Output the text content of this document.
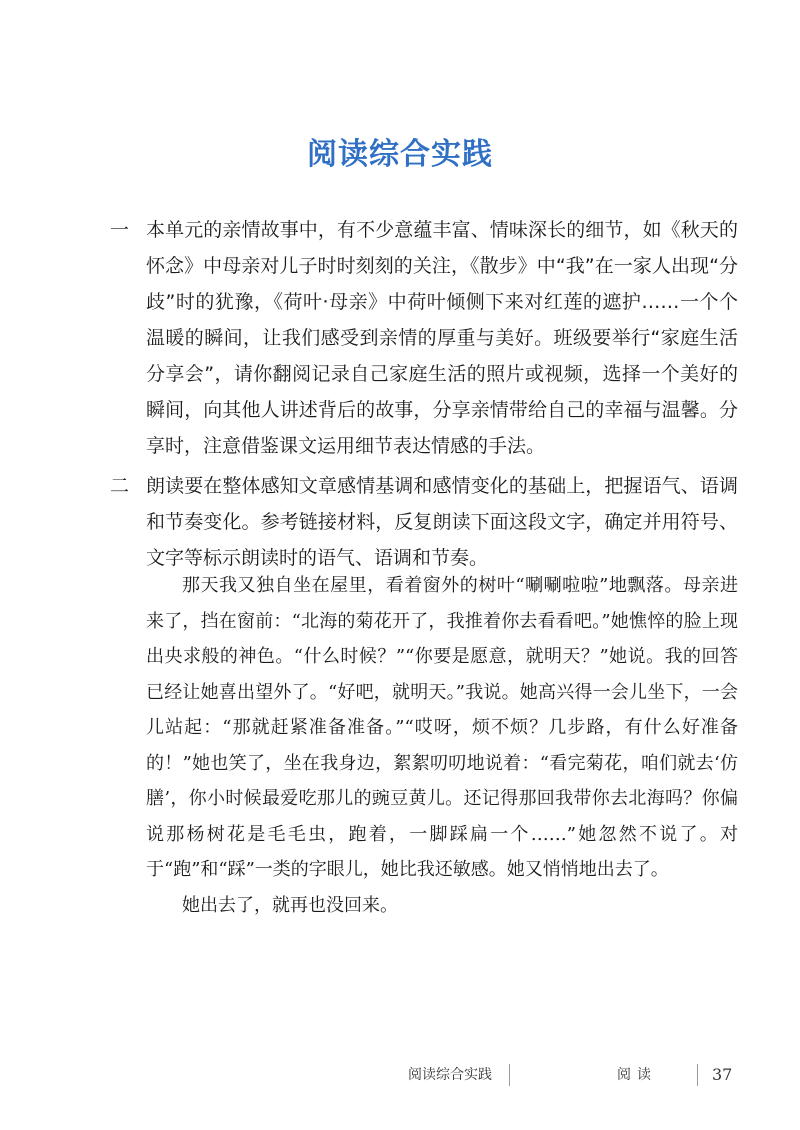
阅读综合实践
一 本单元的亲情故事中，有不少意蕴丰富、情味深长的细节，如《秋天的怀念》中母亲对儿子时时刻刻的关注，《散步》中“我”在一家人出现“分歧”时的犹豫，《荷叶·母亲》中荷叶倾侧下来对红莲的遮护……一个个温暖的瞬间，让我们感受到亲情的厚重与美好。班级要举行“家庭生活分享会”，请你翻阅记录自己家庭生活的照片或视频，选择一个美好的瞬间，向其他人讲述背后的故事，分享亲情带给自己的幸福与温馨。分享时，注意借鉴课文运用细节表达情感的手法。

二 朗读要在整体感知文章感情基调和感情变化的基础上，把握语气、语调和节奏变化。参考链接材料，反复朗读下面这段文字，确定并用符号、文字等标示朗读时的语气、语调和节奏。

那天我又独自坐在屋里，看着窗外的树叶“唰唰啦啦”地飘落。母亲进来了，挡在窗前：“北海的菊花开了，我推着你去看看吧。”她憔悴的脸上现出央求般的神色。“什么时候？”“你要是愿意，就明天？”她说。我的回答已经让她喜出望外了。“好吧，就明天。”我说。她高兴得一会儿坐下，一会儿站起：“那就赶紧准备准备。”“哎呀，烦不烦？几步路，有什么好准备的！”她也笑了，坐在我身边，絮絮叨叨地说着：“看完菊花，咱们就去‘仿膳’，你小时候最爱吃那儿的豌豆黄儿。还记得那回我带你去北海吗？你偏说那杨树花是毛毛虫，跑着，一脚踩扁一个……”她忽然不说了。对于“跑”和“踩”一类的字眼儿，她比我还敏感。她又悄悄地出去了。

她出去了，就再也没回来。

阅读综合实践	阅读	37
